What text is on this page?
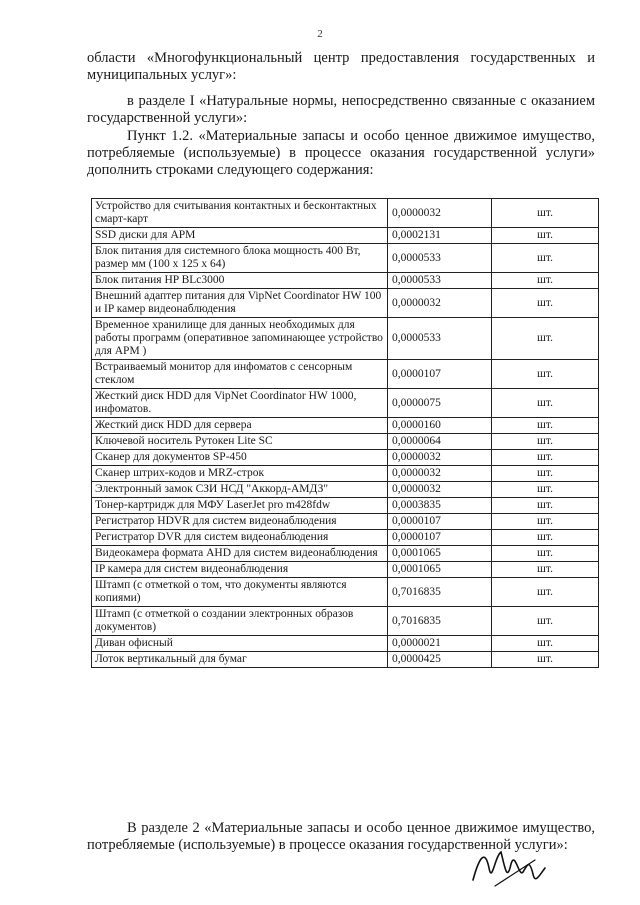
2

области «Многофункциональный центр предоставления государственных и муниципальных услуг»:

в разделе I «Натуральные нормы, непосредственно связанные с оказанием государственной услуги»:

Пункт 1.2. «Материальные запасы и особо ценное движимое имущество, потребляемые (используемые) в процессе оказания государственной услуги» дополнить строками следующего содержания:

Устройство для считывания контактных и бесконтактных смарт-карт	0,0000032	шт.
SSD диски для АРМ	0,0002131	шт.
Блок питания для системного блока мощность 400 Вт, размер мм (100 x 125 x 64)	0,0000533	шт.
Блок питания HP BLc3000	0,0000533	шт.
Внешний адаптер питания для VipNet Coordinator HW 100 и IP камер видеонаблюдения	0,0000032	шт.
Временное хранилище для данных необходимых для работы программ (оперативное запоминающее устройство для АРМ )	0,0000533	шт.
Встраиваемый монитор для инфоматов с сенсорным стеклом	0,0000107	шт.
Жесткий диск HDD для VipNet Coordinator HW 1000, инфоматов.	0,0000075	шт.
Жесткий диск HDD для сервера	0,0000160	шт.
Ключевой носитель Рутокен Lite SC	0,0000064	шт.
Сканер для документов SP-450	0,0000032	шт.
Сканер штрих-кодов и MRZ-строк	0,0000032	шт.
Электронный замок СЗИ НСД "Аккорд-АМДЗ"	0,0000032	шт.
Тонер-картридж для МФУ LaserJet pro m428fdw	0,0003835	шт.
Регистратор HDVR для систем видеонаблюдения	0,0000107	шт.
Регистратор DVR для систем видеонаблюдения	0,0000107	шт.
Видеокамера формата АНD для систем видеонаблюдения	0,0001065	шт.
IP камера для систем видеонаблюдения	0,0001065	шт.
Штамп (с отметкой о том, что документы являются копиями)	0,7016835	шт.
Штамп (с отметкой о создании электронных образов документов)	0,7016835	шт.
Диван офисный	0,0000021	шт.
Лоток вертикальный для бумаг	0,0000425	шт.

В разделе 2 «Материальные запасы и особо ценное движимое имущество, потребляемые (используемые) в процессе оказания государственной услуги»:
